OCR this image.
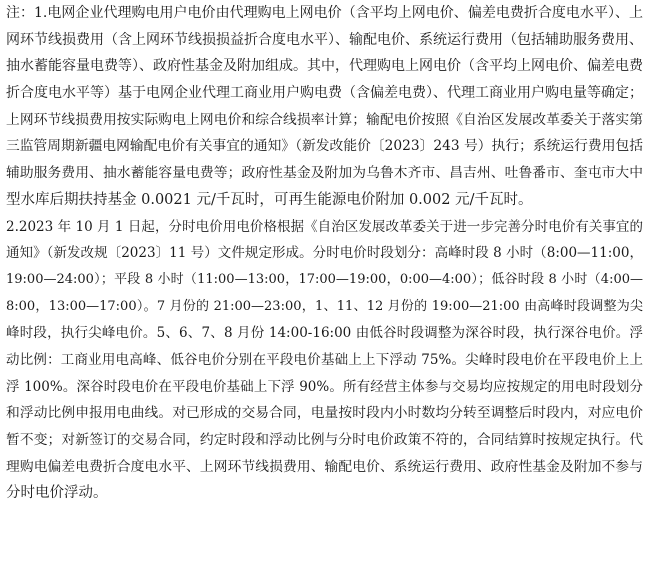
注：1.电网企业代理购电用户电价由代理购电上网电价（含平均上网电价、偏差电费折合度电水平）、上
网环节线损费用（含上网环节线损损益折合度电水平）、输配电价、系统运行费用（包括辅助服务费用、
抽水蓄能容量电费等）、政府性基金及附加组成。其中，代理购电上网电价（含平均上网电价、偏差电费
折合度电水平等）基于电网企业代理工商业用户购电费（含偏差电费）、代理工商业用户购电量等确定；
上网环节线损费用按实际购电上网电价和综合线损率计算；输配电价按照《自治区发展改革委关于落实第
三监管周期新疆电网输配电价有关事宜的通知》（新发改能价〔2023〕243 号）执行；系统运行费用包括
辅助服务费用、抽水蓄能容量电费等；政府性基金及附加为乌鲁木齐市、昌吉州、吐鲁番市、奎屯市大中
型水库后期扶持基金 0.0021 元/千瓦时，可再生能源电价附加 0.002 元/千瓦时。
2.2023 年 10 月 1 日起，分时电价用电价格根据《自治区发展改革委关于进一步完善分时电价有关事宜的
通知》（新发改规〔2023〕11 号）文件规定形成。分时电价时段划分：高峰时段 8 小时（8:00—11:00，
19:00—24:00）；平段 8 小时（11:00—13:00，17:00—19:00，0:00—4:00）；低谷时段 8 小时（4:00—
8:00，13:00—17:00）。7 月份的 21:00—23:00，1、11、12 月份的 19:00—21:00 由高峰时段调整为尖
峰时段，执行尖峰电价。5、6、7、8 月份 14:00-16:00 由低谷时段调整为深谷时段，执行深谷电价。浮
动比例：工商业用电高峰、低谷电价分别在平段电价基础上上下浮动 75%。尖峰时段电价在平段电价上上
浮 100%。深谷时段电价在平段电价基础上下浮 90%。所有经营主体参与交易均应按规定的用电时段划分
和浮动比例申报用电曲线。对已形成的交易合同，电量按时段内小时数均分转至调整后时段内，对应电价
暂不变；对新签订的交易合同，约定时段和浮动比例与分时电价政策不符的，合同结算时按规定执行。代
理购电偏差电费折合度电水平、上网环节线损费用、输配电价、系统运行费用、政府性基金及附加不参与
分时电价浮动。
